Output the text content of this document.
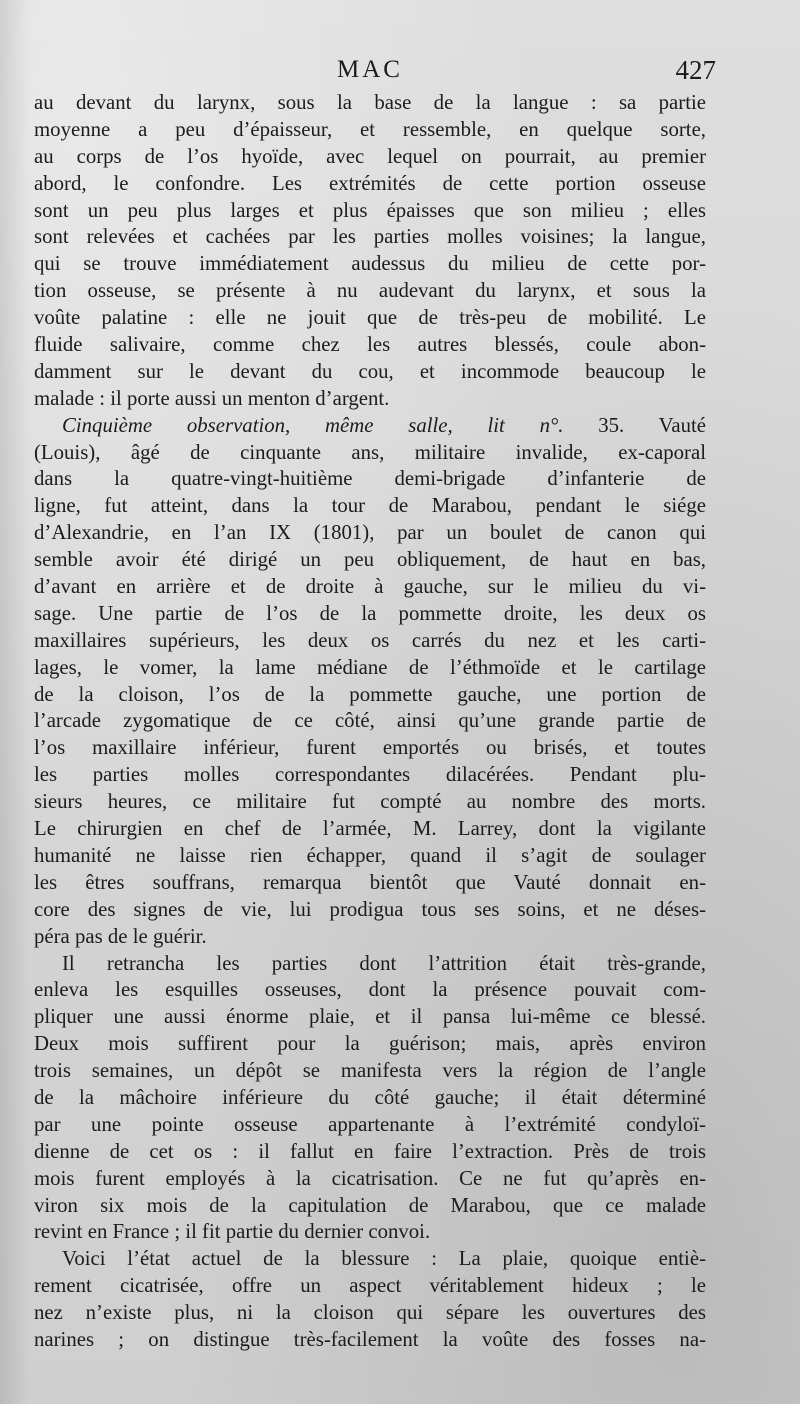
MAC	427
au devant du larynx, sous la base de la langue : sa partie
moyenne a peu d’épaisseur, et ressemble, en quelque sorte,
au corps de l’os hyoïde, avec lequel on pourrait, au premier
abord, le confondre. Les extrémités de cette portion osseuse
sont un peu plus larges et plus épaisses que son milieu ; elles
sont relevées et cachées par les parties molles voisines; la langue,
qui se trouve immédiatement audessus du milieu de cette por-
tion osseuse, se présente à nu audevant du larynx, et sous la
voûte palatine : elle ne jouit que de très-peu de mobilité. Le
fluide salivaire, comme chez les autres blessés, coule abon-
damment sur le devant du cou, et incommode beaucoup le
malade : il porte aussi un menton d’argent.
Cinquième observation, même salle, lit n°. 35. Vauté
(Louis), âgé de cinquante ans, militaire invalide, ex-caporal
dans la quatre-vingt-huitième demi-brigade d’infanterie de
ligne, fut atteint, dans la tour de Marabou, pendant le siége
d’Alexandrie, en l’an IX (1801), par un boulet de canon qui
semble avoir été dirigé un peu obliquement, de haut en bas,
d’avant en arrière et de droite à gauche, sur le milieu du vi-
sage. Une partie de l’os de la pommette droite, les deux os
maxillaires supérieurs, les deux os carrés du nez et les carti-
lages, le vomer, la lame médiane de l’éthmoïde et le cartilage
de la cloison, l’os de la pommette gauche, une portion de
l’arcade zygomatique de ce côté, ainsi qu’une grande partie de
l’os maxillaire inférieur, furent emportés ou brisés, et toutes
les parties molles correspondantes dilacérées. Pendant plu-
sieurs heures, ce militaire fut compté au nombre des morts.
Le chirurgien en chef de l’armée, M. Larrey, dont la vigilante
humanité ne laisse rien échapper, quand il s’agit de soulager
les êtres souffrans, remarqua bientôt que Vauté donnait en-
core des signes de vie, lui prodigua tous ses soins, et ne déses-
péra pas de le guérir.
Il retrancha les parties dont l’attrition était très-grande,
enleva les esquilles osseuses, dont la présence pouvait com-
pliquer une aussi énorme plaie, et il pansa lui-même ce blessé.
Deux mois suffirent pour la guérison; mais, après environ
trois semaines, un dépôt se manifesta vers la région de l’angle
de la mâchoire inférieure du côté gauche; il était déterminé
par une pointe osseuse appartenante à l’extrémité condyloï-
dienne de cet os : il fallut en faire l’extraction. Près de trois
mois furent employés à la cicatrisation. Ce ne fut qu’après en-
viron six mois de la capitulation de Marabou, que ce malade
revint en France ; il fit partie du dernier convoi.
Voici l’état actuel de la blessure : La plaie, quoique entiè-
rement cicatrisée, offre un aspect véritablement hideux ; le
nez n’existe plus, ni la cloison qui sépare les ouvertures des
narines ; on distingue très-facilement la voûte des fosses na-
